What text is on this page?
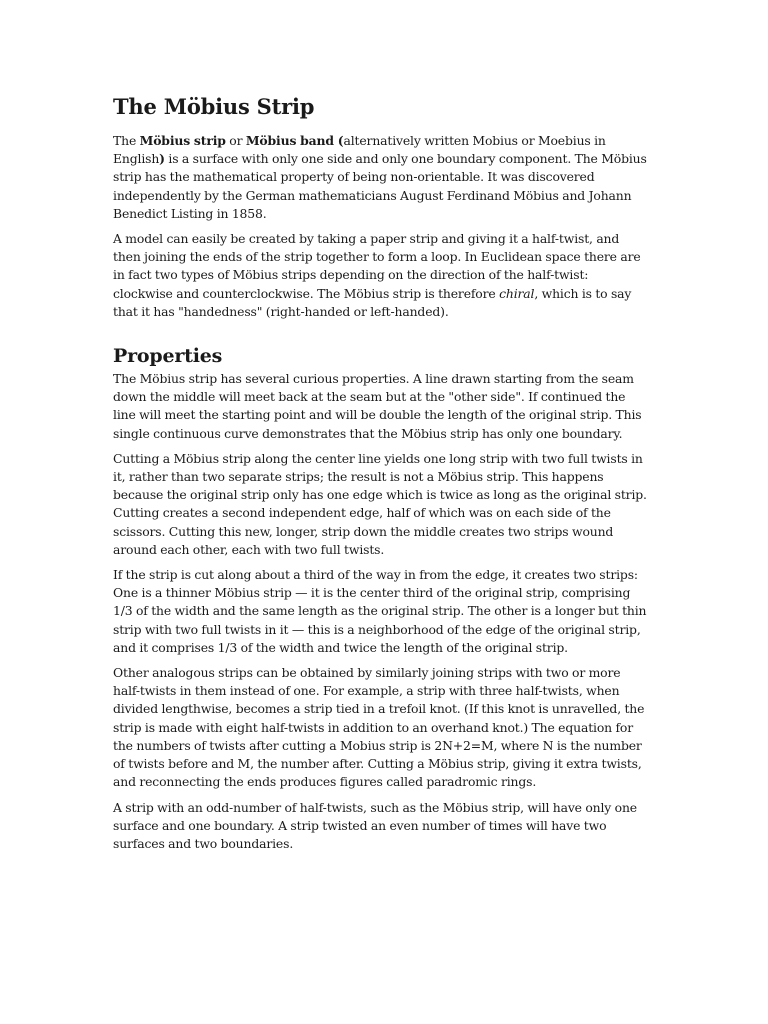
The Möbius Strip

The Möbius strip or Möbius band (alternatively written Mobius or Moebius in English) is a surface with only one side and only one boundary component. The Möbius strip has the mathematical property of being non-orientable. It was discovered independently by the German mathematicians August Ferdinand Möbius and Johann Benedict Listing in 1858.

A model can easily be created by taking a paper strip and giving it a half-twist, and then joining the ends of the strip together to form a loop. In Euclidean space there are in fact two types of Möbius strips depending on the direction of the half-twist: clockwise and counterclockwise. The Möbius strip is therefore chiral, which is to say that it has "handedness" (right-handed or left-handed).

Properties

The Möbius strip has several curious properties. A line drawn starting from the seam down the middle will meet back at the seam but at the "other side". If continued the line will meet the starting point and will be double the length of the original strip. This single continuous curve demonstrates that the Möbius strip has only one boundary.

Cutting a Möbius strip along the center line yields one long strip with two full twists in it, rather than two separate strips; the result is not a Möbius strip. This happens because the original strip only has one edge which is twice as long as the original strip. Cutting creates a second independent edge, half of which was on each side of the scissors. Cutting this new, longer, strip down the middle creates two strips wound around each other, each with two full twists.

If the strip is cut along about a third of the way in from the edge, it creates two strips: One is a thinner Möbius strip — it is the center third of the original strip, comprising 1/3 of the width and the same length as the original strip. The other is a longer but thin strip with two full twists in it — this is a neighborhood of the edge of the original strip, and it comprises 1/3 of the width and twice the length of the original strip.

Other analogous strips can be obtained by similarly joining strips with two or more half-twists in them instead of one. For example, a strip with three half-twists, when divided lengthwise, becomes a strip tied in a trefoil knot. (If this knot is unravelled, the strip is made with eight half-twists in addition to an overhand knot.) The equation for the numbers of twists after cutting a Mobius strip is 2N+2=M, where N is the number of twists before and M, the number after. Cutting a Möbius strip, giving it extra twists, and reconnecting the ends produces figures called paradromic rings.

A strip with an odd-number of half-twists, such as the Möbius strip, will have only one surface and one boundary. A strip twisted an even number of times will have two surfaces and two boundaries.
